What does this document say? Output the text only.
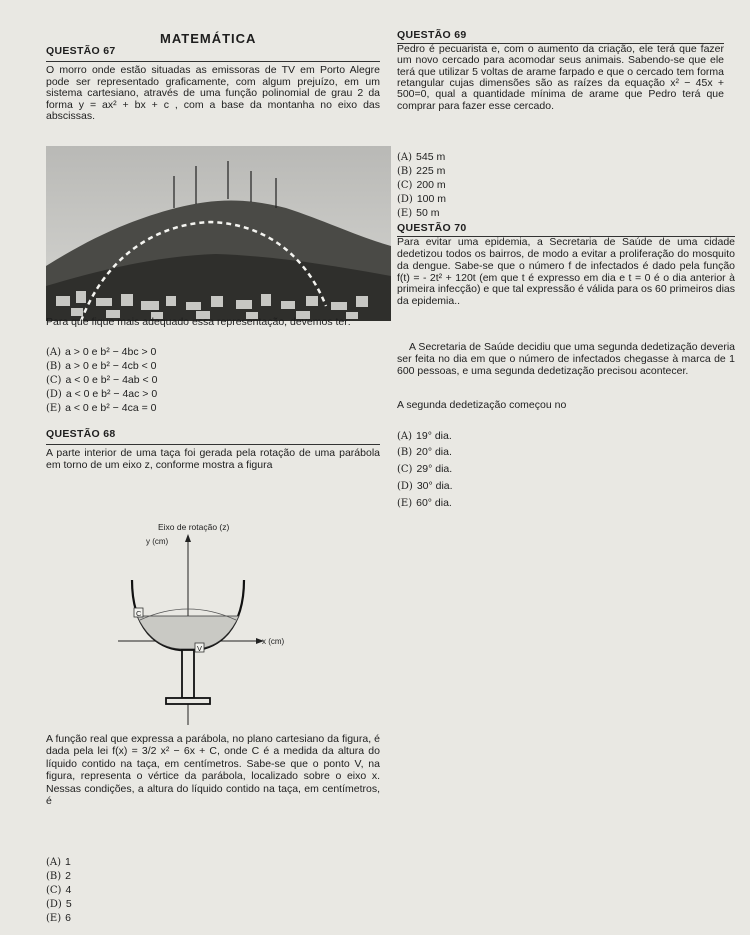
MATEMÁTICA
QUESTÃO 67

O morro onde estão situadas as emissoras de TV em Porto Alegre pode ser representado graficamente, com algum prejuízo, em um sistema cartesiano, através de uma função polinomial de grau 2 da forma y = ax² + bx + c , com a base da montanha no eixo das abscissas.

Para que fique mais adequado essa representação, devemos ter:

(A) a > 0 e b² − 4bc > 0
(B) a > 0 e b² − 4cb < 0
(C) a < 0 e b² − 4ab < 0
(D) a < 0 e b² − 4ac > 0
(E) a < 0 e b² − 4ca = 0
QUESTÃO 68

A parte interior de uma taça foi gerada pela rotação de uma parábola em torno de um eixo z, conforme mostra a figura

Eixo de rotação (z)
y (cm)
x (cm)
C
V

A função real que expressa a parábola, no plano cartesiano da figura, é dada pela lei f(x) = 3/2 x² − 6x + C, onde C é a medida da altura do líquido contido na taça, em centímetros. Sabe-se que o ponto V, na figura, representa o vértice da parábola, localizado sobre o eixo x. Nessas condições, a altura do líquido contido na taça, em centímetros, é

(A) 1
(B) 2
(C) 4
(D) 5
(E) 6
QUESTÃO 69

Pedro é pecuarista e, com o aumento da criação, ele terá que fazer um novo cercado para acomodar seus animais. Sabendo-se que ele terá que utilizar 5 voltas de arame farpado e que o cercado tem forma retangular cujas dimensões são as raízes da equação x² − 45x + 500=0, qual a quantidade mínima de arame que Pedro terá que comprar para fazer esse cercado.

(A) 545 m
(B) 225 m
(C) 200 m
(D) 100 m
(E) 50 m
QUESTÃO 70

Para evitar uma epidemia, a Secretaria de Saúde de uma cidade dedetizou todos os bairros, de modo a evitar a proliferação do mosquito da dengue. Sabe-se que o número f de infectados é dado pela função f(t) = - 2t² + 120t (em que t é expresso em dia e t = 0 é o dia anterior à primeira infecção) e que tal expressão é válida para os 60 primeiros dias da epidemia..

A Secretaria de Saúde decidiu que uma segunda dedetização deveria ser feita no dia em que o número de infectados chegasse à marca de 1 600 pessoas, e uma segunda dedetização precisou acontecer.

A segunda dedetização começou no

(A) 19° dia.
(B) 20° dia.
(C) 29° dia.
(D) 30° dia.
(E) 60° dia.
